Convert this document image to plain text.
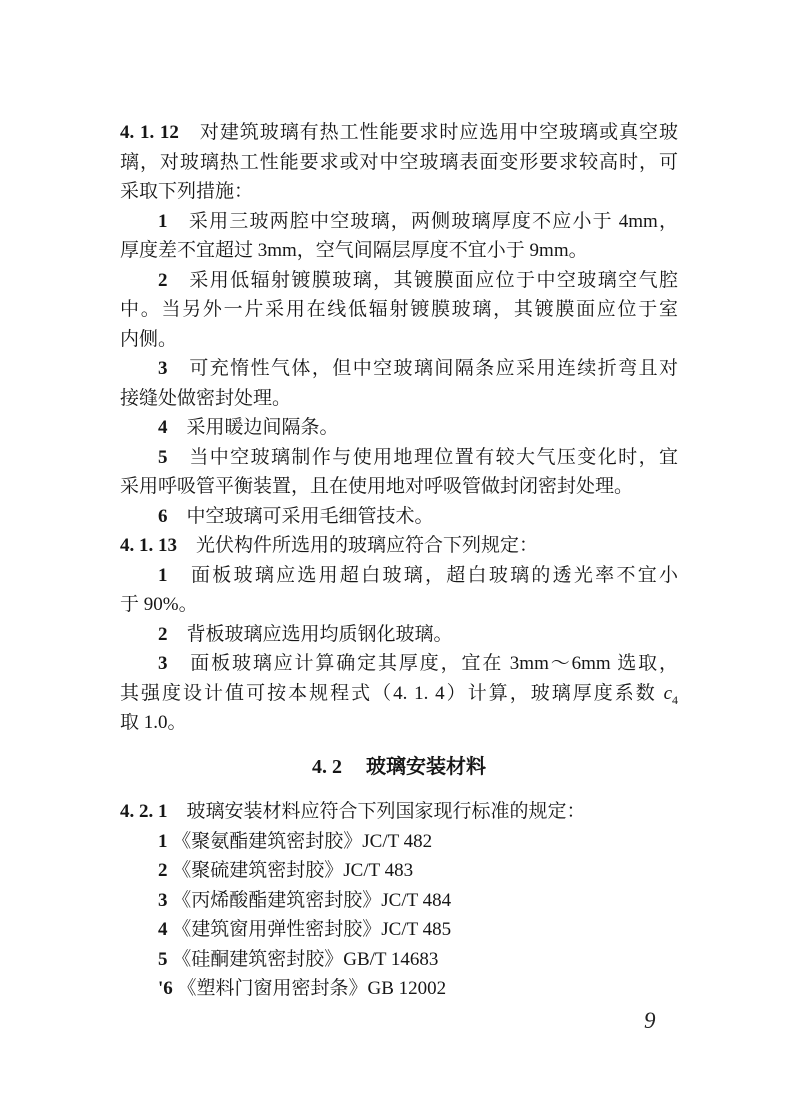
4. 1. 12　对建筑玻璃有热工性能要求时应选用中空玻璃或真空玻
璃，对玻璃热工性能要求或对中空玻璃表面变形要求较高时，可
采取下列措施：
1　采用三玻两腔中空玻璃，两侧玻璃厚度不应小于 4mm，
厚度差不宜超过 3mm，空气间隔层厚度不宜小于 9mm。
2　采用低辐射镀膜玻璃，其镀膜面应位于中空玻璃空气腔
中。当另外一片采用在线低辐射镀膜玻璃，其镀膜面应位于室
内侧。
3　可充惰性气体，但中空玻璃间隔条应采用连续折弯且对
接缝处做密封处理。
4　采用暖边间隔条。
5　当中空玻璃制作与使用地理位置有较大气压变化时，宜
采用呼吸管平衡装置，且在使用地对呼吸管做封闭密封处理。
6　中空玻璃可采用毛细管技术。
4. 1. 13　光伏构件所选用的玻璃应符合下列规定：
1　面板玻璃应选用超白玻璃，超白玻璃的透光率不宜小
于 90%。
2　背板玻璃应选用均质钢化玻璃。
3　面板玻璃应计算确定其厚度，宜在 3mm～6mm 选取，
其强度设计值可按本规程式（4. 1. 4）计算，玻璃厚度系数 $c_4$
取 1.0。
4. 2 玻璃安装材料
4. 2. 1　玻璃安装材料应符合下列国家现行标准的规定：
1 《聚氨酯建筑密封胶》JC/T 482
2 《聚硫建筑密封胶》JC/T 483
3 《丙烯酸酯建筑密封胶》JC/T 484
4 《建筑窗用弹性密封胶》JC/T 485
5 《硅酮建筑密封胶》GB/T 14683
'6 《塑料门窗用密封条》GB 12002
9
